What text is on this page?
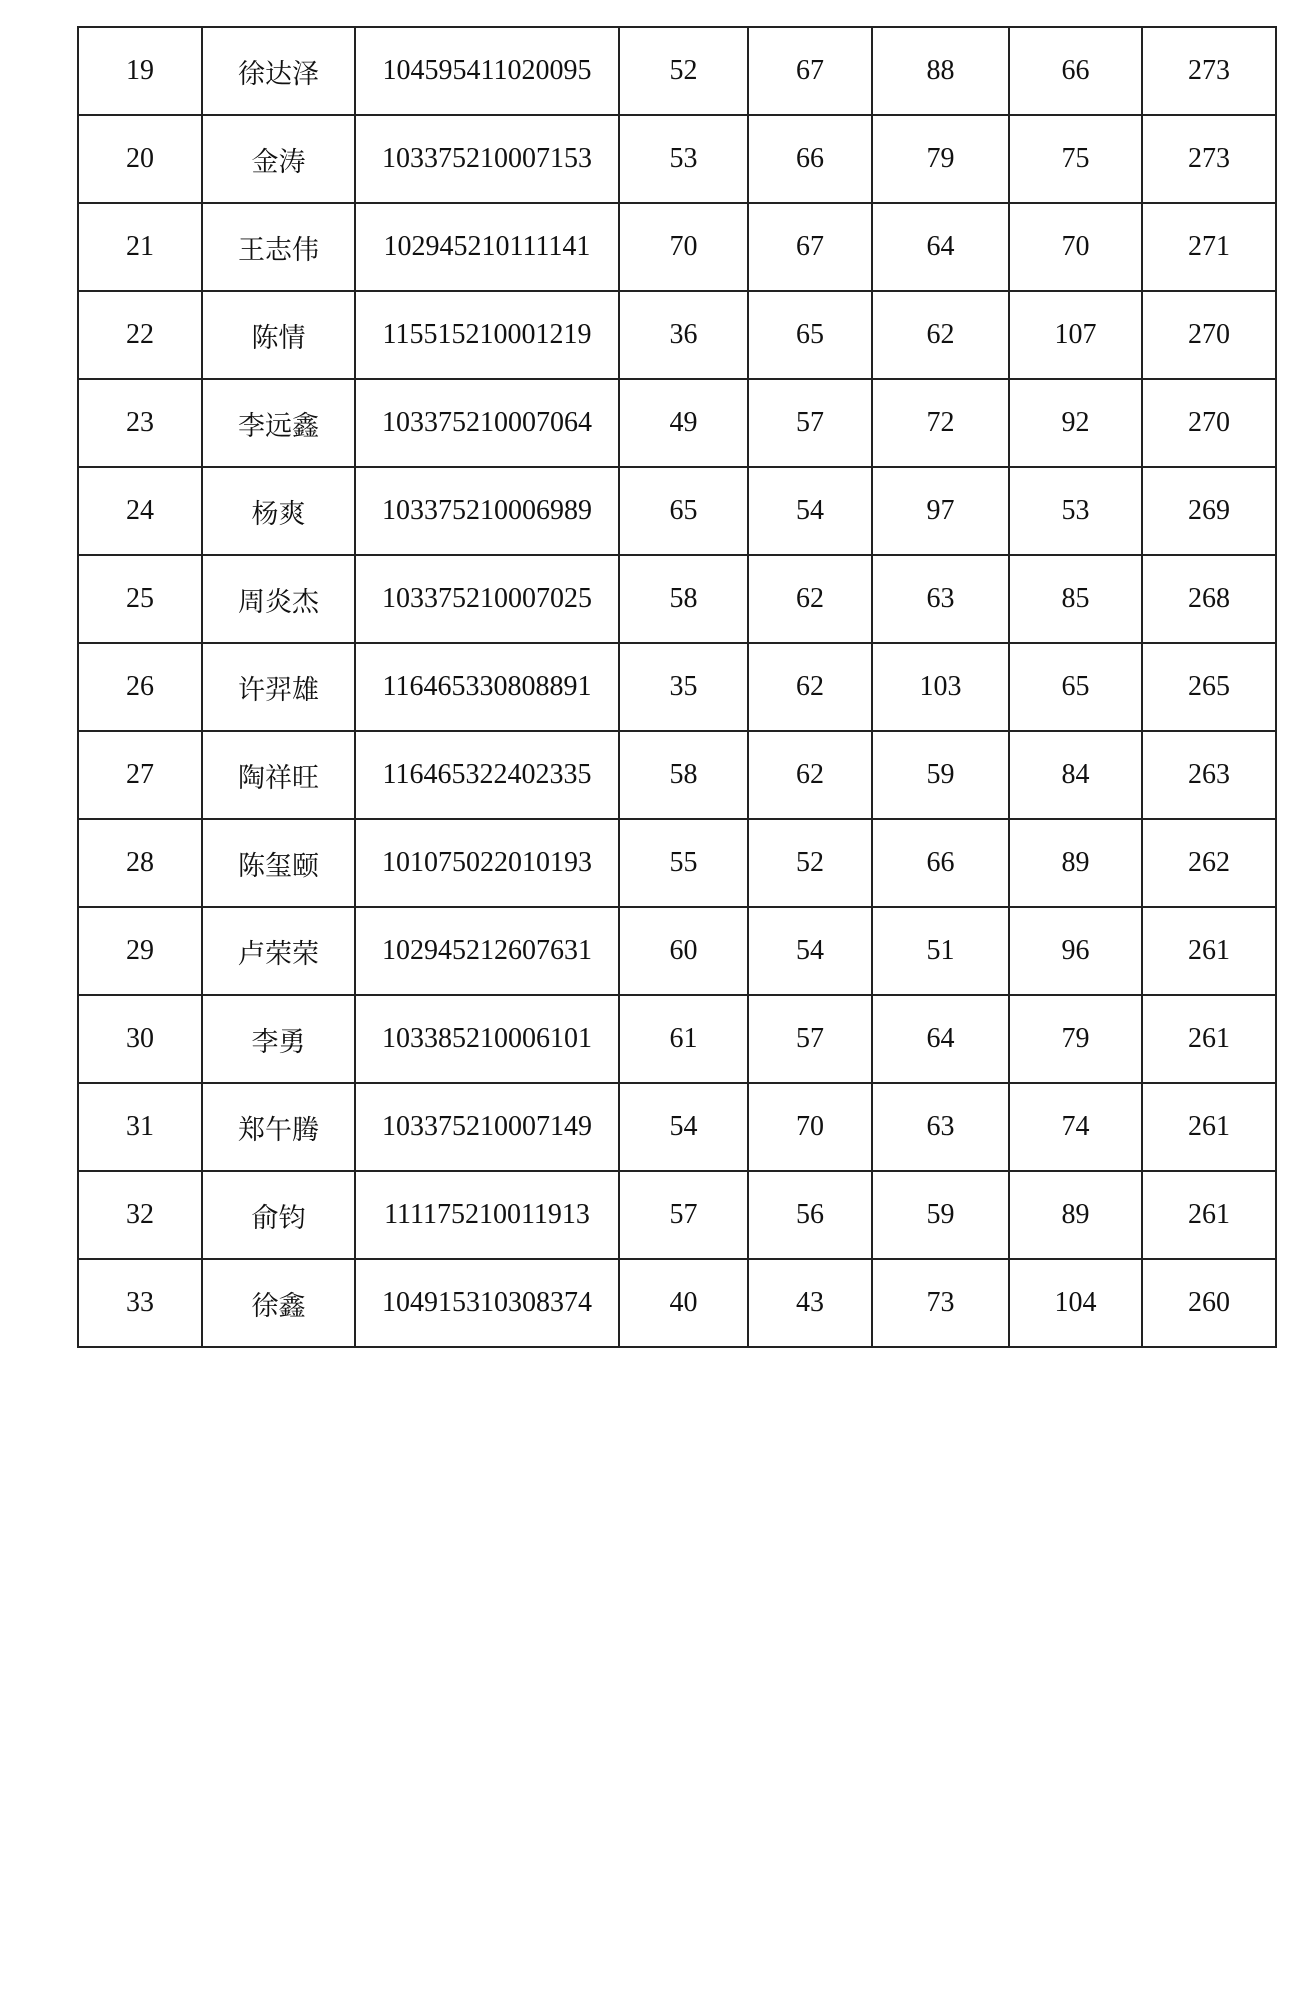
19	徐达泽	104595411020095	52	67	88	66	273
20	金涛	103375210007153	53	66	79	75	273
21	王志伟	102945210111141	70	67	64	70	271
22	陈情	115515210001219	36	65	62	107	270
23	李远鑫	103375210007064	49	57	72	92	270
24	杨爽	103375210006989	65	54	97	53	269
25	周炎杰	103375210007025	58	62	63	85	268
26	许羿雄	116465330808891	35	62	103	65	265
27	陶祥旺	116465322402335	58	62	59	84	263
28	陈玺颐	101075022010193	55	52	66	89	262
29	卢荣荣	102945212607631	60	54	51	96	261
30	李勇	103385210006101	61	57	64	79	261
31	郑午腾	103375210007149	54	70	63	74	261
32	俞钧	111175210011913	57	56	59	89	261
33	徐鑫	104915310308374	40	43	73	104	260
